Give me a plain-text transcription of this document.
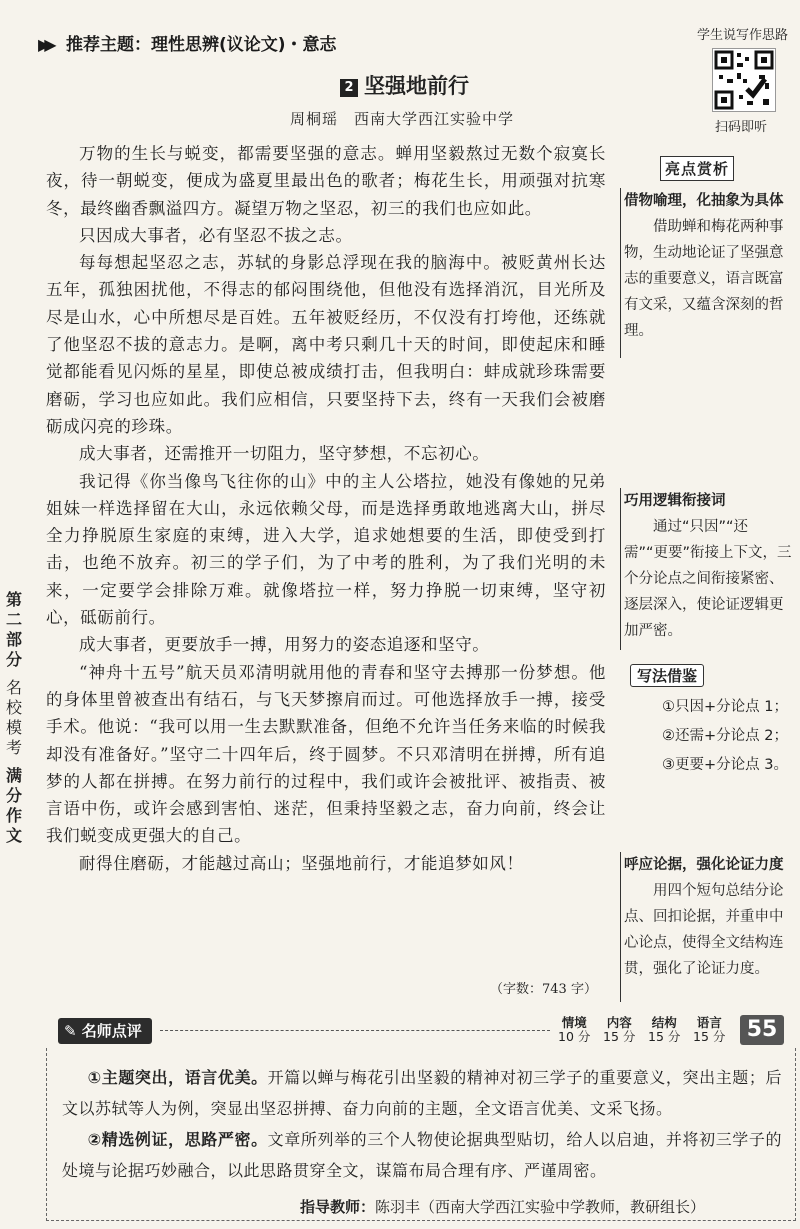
▶▶ 推荐主题：理性思辨(议论文)・意志	学生说写作思路
扫码即听
2 坚强地前行
周桐瑶　西南大学西江实验中学

万物的生长与蜕变，都需要坚强的意志。蝉用坚毅熬过无数个寂寞长夜，待一朝蜕变，便成为盛夏里最出色的歌者；梅花生长，用顽强对抗寒冬，最终幽香飘溢四方。凝望万物之坚忍，初三的我们也应如此。

只因成大事者，必有坚忍不拔之志。

每每想起坚忍之志，苏轼的身影总浮现在我的脑海中。被贬黄州长达五年，孤独困扰他，不得志的郁闷围绕他，但他没有选择消沉，目光所及尽是山水，心中所想尽是百姓。五年被贬经历，不仅没有打垮他，还练就了他坚忍不拔的意志力。是啊，离中考只剩几十天的时间，即使起床和睡觉都能看见闪烁的星星，即使总被成绩打击，但我明白：蚌成就珍珠需要磨砺，学习也应如此。我们应相信，只要坚持下去，终有一天我们会被磨砺成闪亮的珍珠。

成大事者，还需推开一切阻力，坚守梦想，不忘初心。

我记得《你当像鸟飞往你的山》中的主人公塔拉，她没有像她的兄弟姐妹一样选择留在大山，永远依赖父母，而是选择勇敢地逃离大山，拼尽全力挣脱原生家庭的束缚，进入大学，追求她想要的生活，即使受到打击，也绝不放弃。初三的学子们，为了中考的胜利，为了我们光明的未来，一定要学会排除万难。就像塔拉一样，努力挣脱一切束缚，坚守初心，砥砺前行。

成大事者，更要放手一搏，用努力的姿态追逐和坚守。

“神舟十五号”航天员邓清明就用他的青春和坚守去搏那一份梦想。他的身体里曾被查出有结石，与飞天梦擦肩而过。可他选择放手一搏，接受手术。他说：“我可以用一生去默默准备，但绝不允许当任务来临的时候我却没有准备好。”坚守二十四年后，终于圆梦。不只邓清明在拼搏，所有追梦的人都在拼搏。在努力前行的过程中，我们或许会被批评、被指责、被言语中伤，或许会感到害怕、迷茫，但秉持坚毅之志，奋力向前，终会让我们蜕变成更强大的自己。

耐得住磨砺，才能越过高山；坚强地前行，才能追梦如风！

（字数：743 字）
亮点赏析
借物喻理，化抽象为具体
借助蝉和梅花两种事物，生动地论证了坚强意志的重要意义，语言既富有文采，又蕴含深刻的哲理。
巧用逻辑衔接词
通过“只因”“还需”“更要”衔接上下文，三个分论点之间衔接紧密、逐层深入，使论证逻辑更加严密。
写法借鉴
①只因+分论点 1；
②还需+分论点 2；
③更要+分论点 3。
呼应论据，强化论证力度
用四个短句总结分论点、回扣论据，并重申中心论点，使得全文结构连贯，强化了论证力度。
第二部分
名校模考
满分作文
✎ 名师点评	情境
10 分
内容
15 分
结构
15 分
语言
15 分 55

①主题突出，语言优美。开篇以蝉与梅花引出坚毅的精神对初三学子的重要意义，突出主题；后文以苏轼等人为例，突显出坚忍拼搏、奋力向前的主题，全文语言优美、文采飞扬。

②精选例证，思路严密。文章所列举的三个人物使论据典型贴切，给人以启迪，并将初三学子的处境与论据巧妙融合，以此思路贯穿全文，谋篇布局合理有序、严谨周密。

指导教师：陈羽丰（西南大学西江实验中学教师，教研组长）
